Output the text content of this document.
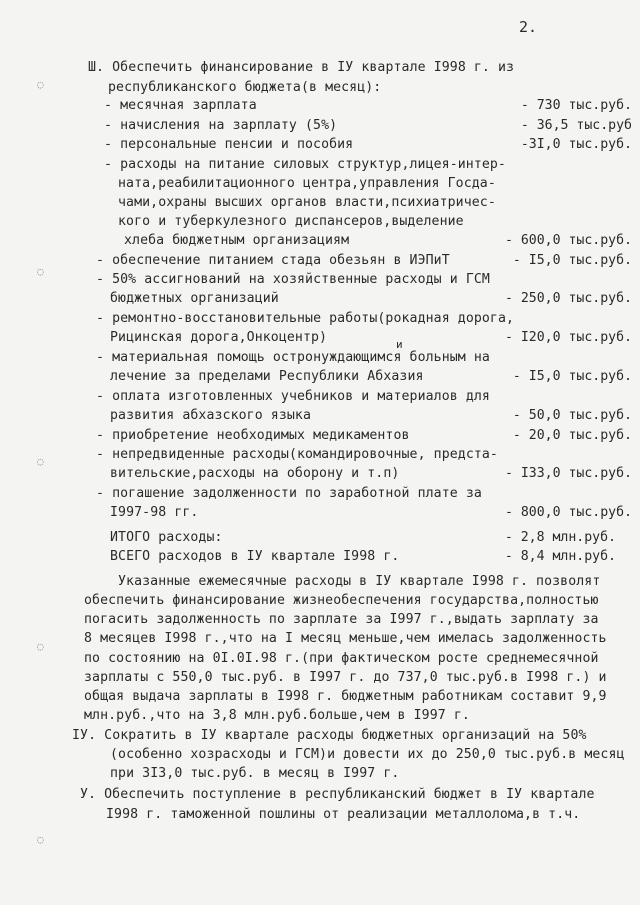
2.
◌
◌
◌
◌
◌
Ш. Обеспечить финансирование в IУ квартале I998 г. из
республиканского бюджета(в месяц):
- месячная зарплата	- 730 тыс.руб.
- начисления на зарплату (5%)	- 36,5 тыс.руб
- персональные пенсии и пособия	-3I,0 тыс.руб.
- расходы на питание силовых структур,лицея-интер-
ната,реабилитационного центра,управления Госда-
чами,охраны высших органов власти,психиатричес-
кого и туберкулезного диспансеров,выделение
хлеба бюджетным организациям	- 600,0 тыс.руб.
- обеспечение питанием стада обезьян в ИЭПиТ	- I5,0 тыс.руб.
- 50% ассигнований на хозяйственные расходы и ГСМ
бюджетных организаций	- 250,0 тыс.руб.
- ремонтно-восстановительные работы(рокадная дорога,
Рицинская дорога,Онкоцентр)	и	- I20,0 тыс.руб.
- материальная помощь остронуждающимся больным на
лечение за пределами Республики Абхазия	- I5,0 тыс.руб.
- оплата изготовленных учебников и материалов для
развития абхазского языка	- 50,0 тыс.руб.
- приобретение необходимых медикаментов	- 20,0 тыс.руб.
- непредвиденные расходы(командировочные, предста-
вительские,расходы на оборону и т.п)	- I33,0 тыс.руб.
- погашение задолженности по заработной плате за
I997-98 гг.	- 800,0 тыс.руб.
ИТОГО расходы:	- 2,8 млн.руб.
ВСЕГО расходов в IУ квартале I998 г.	- 8,4 млн.руб.
Указанные ежемесячные расходы в IУ квартале I998 г. позволят
обеспечить финансирование жизнеобеспечения государства,полностью
погасить задолженность по зарплате за I997 г.,выдать зарплату за
8 месяцев I998 г.,что на I месяц меньше,чем имелась задолженность
по состоянию на 0I.0I.98 г.(при фактическом росте среднемесячной
зарплаты с 550,0 тыс.руб. в I997 г. до 737,0 тыс.руб.в I998 г.) и
общая выдача зарплаты в I998 г. бюджетным работникам составит 9,9
млн.руб.,что на 3,8 млн.руб.больше,чем в I997 г.
IУ. Сократить в IУ квартале расходы бюджетных организаций на 50%
(особенно хозрасходы и ГСМ)и довести их до 250,0 тыс.руб.в месяц
при 3I3,0 тыс.руб. в месяц в I997 г.
У. Обеспечить поступление в республиканский бюджет в IУ квартале
I998 г. таможенной пошлины от реализации металлолома,в т.ч.
